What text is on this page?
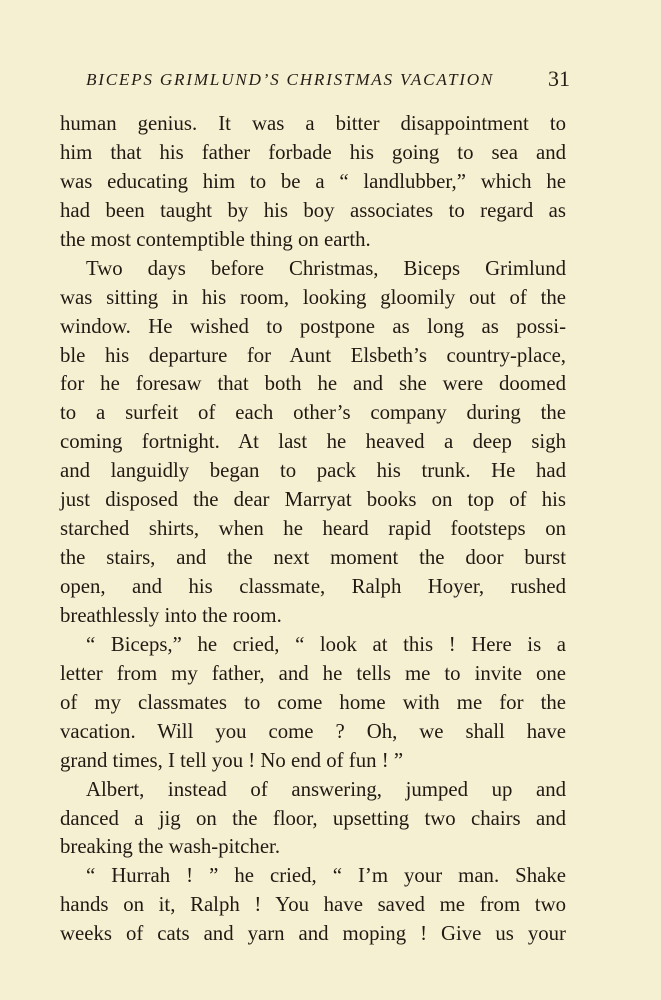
BICEPS GRIMLUND’S CHRISTMAS VACATION 31
human genius. It was a bitter disappointment to
him that his father forbade his going to sea and
was educating him to be a “ landlubber,” which he
had been taught by his boy associates to regard as
the most contemptible thing on earth.
Two days before Christmas, Biceps Grimlund
was sitting in his room, looking gloomily out of the
window. He wished to postpone as long as possi-
ble his departure for Aunt Elsbeth’s country-place,
for he foresaw that both he and she were doomed
to a surfeit of each other’s company during the
coming fortnight. At last he heaved a deep sigh
and languidly began to pack his trunk. He had
just disposed the dear Marryat books on top of his
starched shirts, when he heard rapid footsteps on
the stairs, and the next moment the door burst
open, and his classmate, Ralph Hoyer, rushed
breathlessly into the room.
“ Biceps,” he cried, “ look at this ! Here is a
letter from my father, and he tells me to invite one
of my classmates to come home with me for the
vacation. Will you come ? Oh, we shall have
grand times, I tell you ! No end of fun ! ”
Albert, instead of answering, jumped up and
danced a jig on the floor, upsetting two chairs and
breaking the wash-pitcher.
“ Hurrah ! ” he cried, “ I’m your man. Shake
hands on it, Ralph ! You have saved me from two
weeks of cats and yarn and moping ! Give us your
